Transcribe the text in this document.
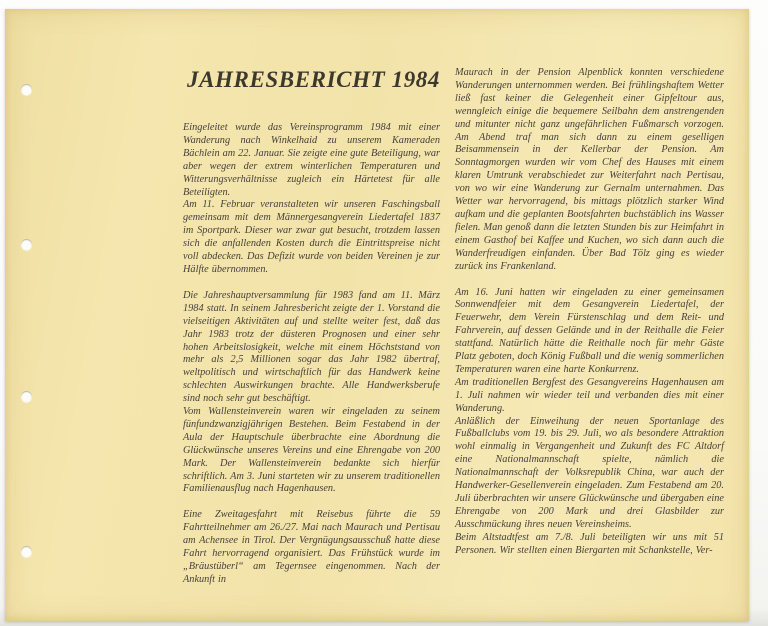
JAHRESBERICHT 1984

Eingeleitet wurde das Vereinsprogramm 1984 mit einer Wanderung nach Winkelhaid zu unserem Kameraden Bächlein am 22. Januar. Sie zeigte eine gute Beteiligung, war aber wegen der extrem winterlichen Temperaturen und Witterungsverhältnisse zugleich ein Härtetest für alle Beteiligten.

Am 11. Februar veranstalteten wir unseren Faschingsball gemeinsam mit dem Männergesangverein Liedertafel 1837 im Sportpark. Dieser war zwar gut besucht, trotzdem lassen sich die anfallenden Kosten durch die Eintrittspreise nicht voll abdecken. Das Defizit wurde von beiden Vereinen je zur Hälfte übernommen.

Die Jahreshauptversammlung für 1983 fand am 11. März 1984 statt. In seinem Jahresbericht zeigte der 1. Vorstand die vielseitigen Aktivitäten auf und stellte weiter fest, daß das Jahr 1983 trotz der düsteren Prognosen und einer sehr hohen Arbeitslosigkeit, welche mit einem Höchststand von mehr als 2,5 Millionen sogar das Jahr 1982 übertraf, weltpolitisch und wirtschaftlich für das Handwerk keine schlechten Auswirkungen brachte. Alle Handwerksberufe sind noch sehr gut beschäftigt.

Vom Wallensteinverein waren wir eingeladen zu seinem fünfundzwanzigjährigen Bestehen. Beim Festabend in der Aula der Hauptschule überbrachte eine Abordnung die Glückwünsche unseres Vereins und eine Ehrengabe von 200 Mark. Der Wallensteinverein bedankte sich hierfür schriftlich. Am 3. Juni starteten wir zu unserem traditionellen Familienausflug nach Hagenhausen.

Eine Zweitagesfahrt mit Reisebus führte die 59 Fahrtteilnehmer am 26./27. Mai nach Maurach und Pertisau am Achensee in Tirol. Der Vergnügungsausschuß hatte diese Fahrt hervorragend organisiert. Das Frühstück wurde im „Bräustüberl“ am Tegernsee eingenommen. Nach der Ankunft in

Maurach in der Pension Alpenblick konnten verschiedene Wanderungen unternommen werden. Bei frühlingshaftem Wetter ließ fast keiner die Gelegenheit einer Gipfeltour aus, wenngleich einige die bequemere Seilbahn dem anstrengenden und mitunter nicht ganz ungefährlichen Fußmarsch vorzogen. Am Abend traf man sich dann zu einem geselligen Beisammensein in der Kellerbar der Pension. Am Sonntagmorgen wurden wir vom Chef des Hauses mit einem klaren Umtrunk verabschiedet zur Weiterfahrt nach Pertisau, von wo wir eine Wanderung zur Gernalm unternahmen. Das Wetter war hervorragend, bis mittags plötzlich starker Wind aufkam und die geplanten Bootsfahrten buchstäblich ins Wasser fielen. Man genoß dann die letzten Stunden bis zur Heimfahrt in einem Gasthof bei Kaffee und Kuchen, wo sich dann auch die Wanderfreudigen einfanden. Über Bad Tölz ging es wieder zurück ins Frankenland.

Am 16. Juni hatten wir eingeladen zu einer gemeinsamen Sonnwendfeier mit dem Gesangverein Liedertafel, der Feuerwehr, dem Verein Fürstenschlag und dem Reit- und Fahrverein, auf dessen Gelände und in der Reithalle die Feier stattfand. Natürlich hätte die Reithalle noch für mehr Gäste Platz geboten, doch König Fußball und die wenig sommerlichen Temperaturen waren eine harte Konkurrenz.

Am traditionellen Bergfest des Gesangvereins Hagenhausen am 1. Juli nahmen wir wieder teil und verbanden dies mit einer Wanderung.

Anläßlich der Einweihung der neuen Sportanlage des Fußballclubs vom 19. bis 29. Juli, wo als besondere Attraktion wohl einmalig in Vergangenheit und Zukunft des FC Altdorf eine Nationalmannschaft spielte, nämlich die Nationalmannschaft der Volksrepublik China, war auch der Handwerker-Gesellenverein eingeladen. Zum Festabend am 20. Juli überbrachten wir unsere Glückwünsche und übergaben eine Ehrengabe von 200 Mark und drei Glasbilder zur Ausschmückung ihres neuen Vereinsheims.

Beim Altstadtfest am 7./8. Juli beteiligten wir uns mit 51 Personen. Wir stellten einen Biergarten mit Schankstelle, Ver-
